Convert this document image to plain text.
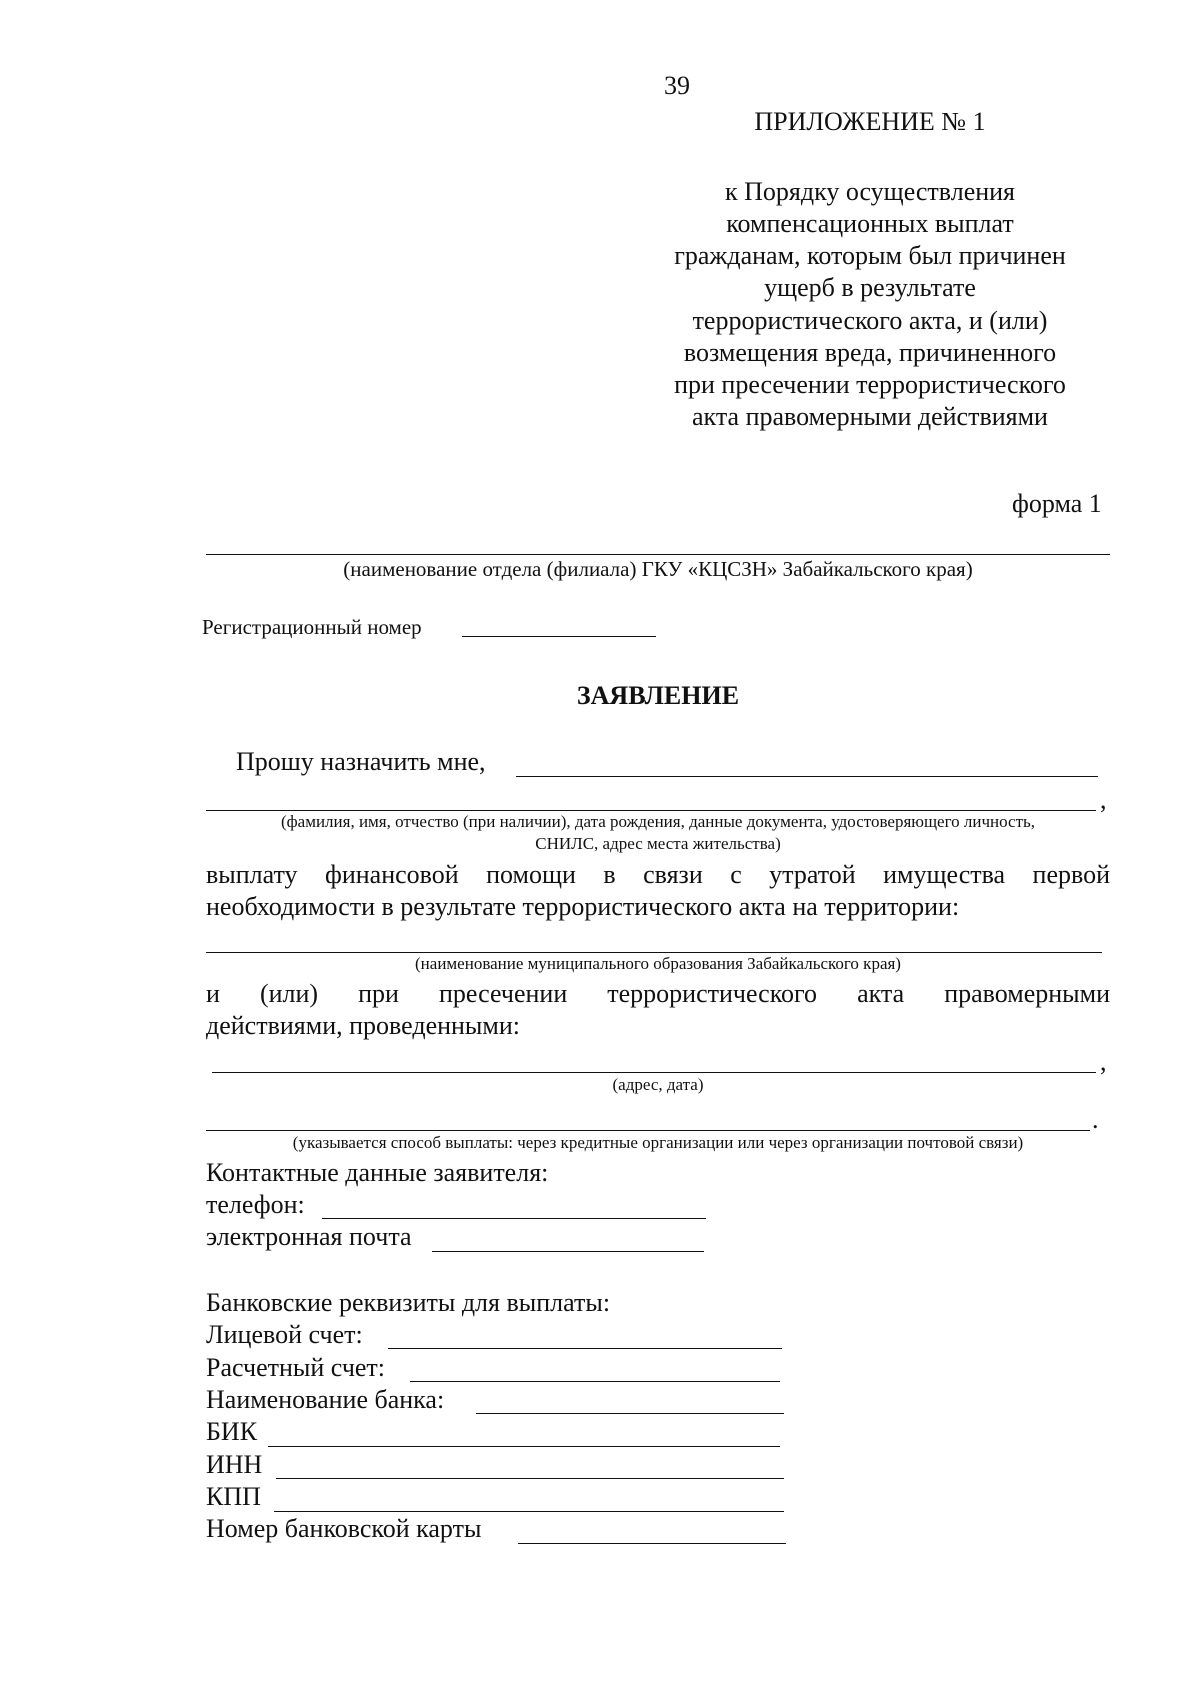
39
ПРИЛОЖЕНИЕ № 1
к Порядку осуществления
компенсационных выплат
гражданам, которым был причинен
ущерб в результате
террористического акта, и (или)
возмещения вреда, причиненного
при пресечении террористического
акта правомерными действиями
форма 1
(наименование отдела (филиала) ГКУ «КЦСЗН» Забайкальского края)
Регистрационный номер
ЗАЯВЛЕНИЕ
Прошу назначить мне,
,
(фамилия, имя, отчество (при наличии), дата рождения, данные документа, удостоверяющего личность,
СНИЛС, адрес места жительства)
выплату финансовой помощи в связи с утратой имущества первой
необходимости в результате террористического акта на территории:
(наименование муниципального образования Забайкальского края)
и (или) при пресечении террористического акта правомерными
действиями, проведенными:
,
(адрес, дата)
.
(указывается способ выплаты: через кредитные организации или через организации почтовой связи)
Контактные данные заявителя:
телефон:
электронная почта
Банковские реквизиты для выплаты:
Лицевой счет:
Расчетный счет:
Наименование банка:
БИК
ИНН
КПП
Номер банковской карты
